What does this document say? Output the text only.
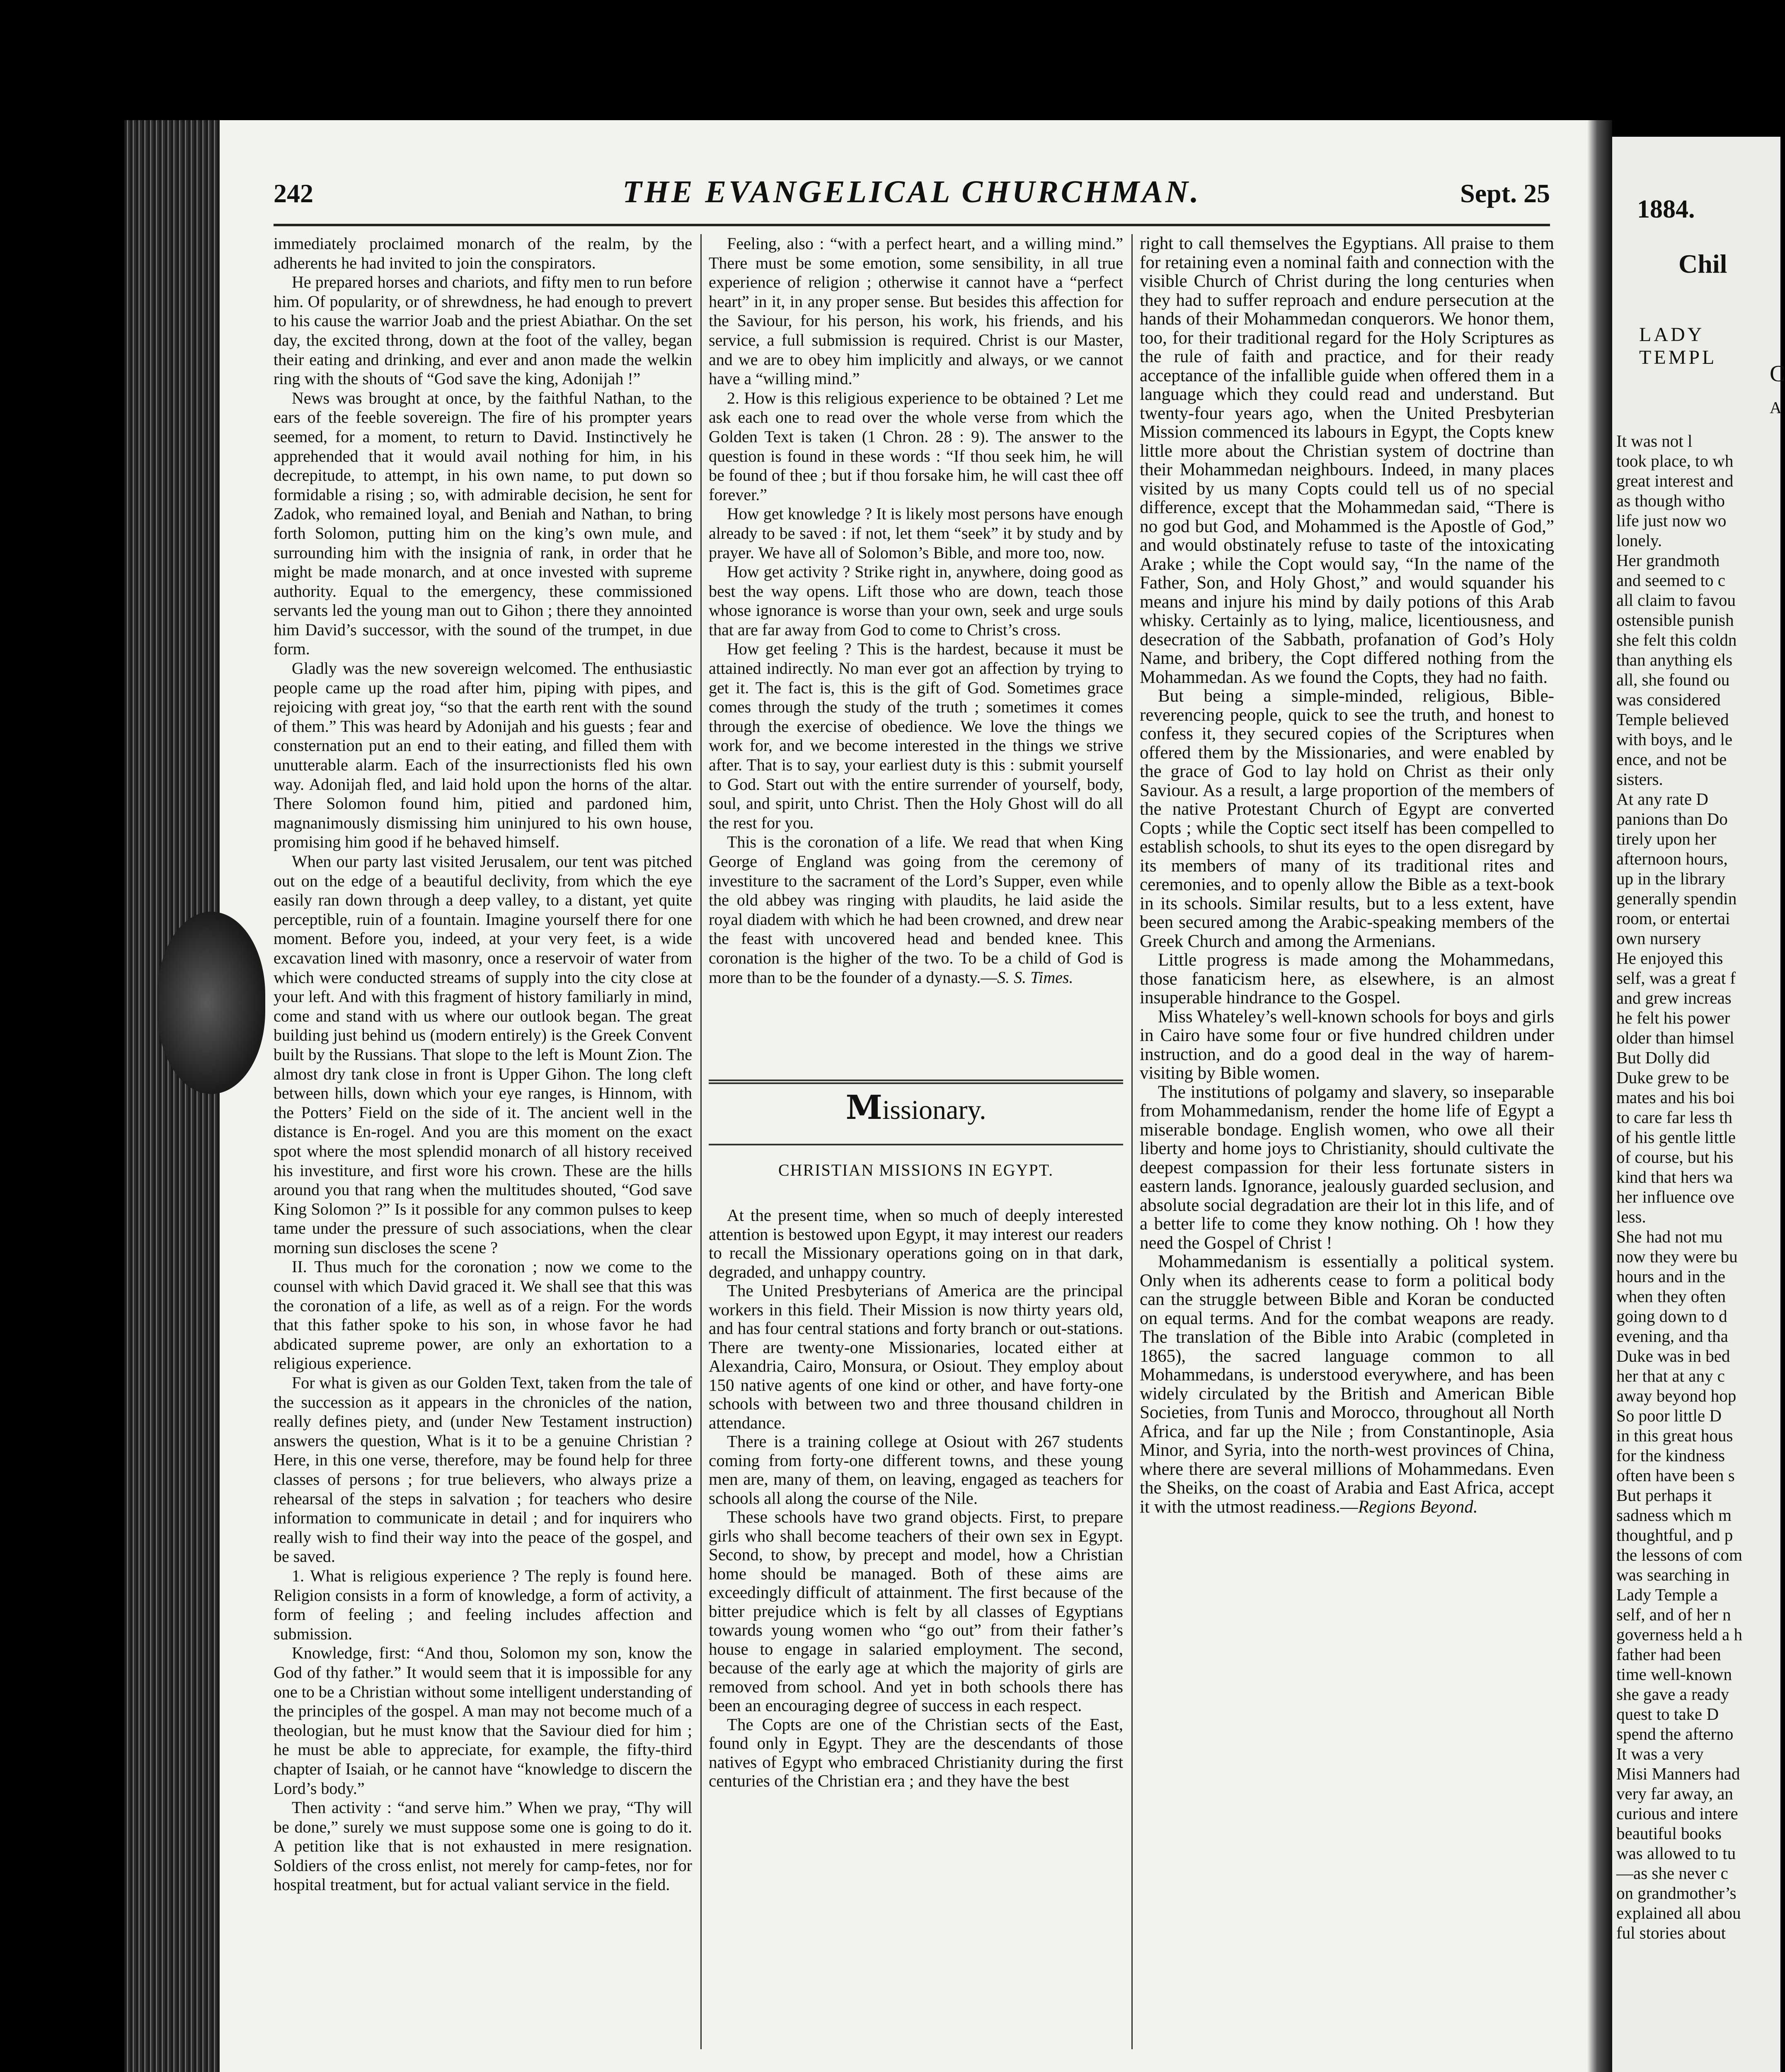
242	THE EVANGELICAL CHURCHMAN.	Sept. 25

immediately proclaimed monarch of the realm, by the adherents he had invited to join the conspirators.

He prepared horses and chariots, and fifty men to run before him. Of popularity, or of shrewdness, he had enough to prevert to his cause the warrior Joab and the priest Abiathar. On the set day, the excited throng, down at the foot of the valley, began their eating and drinking, and ever and anon made the welkin ring with the shouts of “God save the king, Adonijah !”

News was brought at once, by the faithful Nathan, to the ears of the feeble sovereign. The fire of his prompter years seemed, for a moment, to return to David. Instinctively he apprehended that it would avail nothing for him, in his decrepitude, to attempt, in his own name, to put down so formidable a rising ; so, with admirable decision, he sent for Zadok, who remained loyal, and Beniah and Nathan, to bring forth Solomon, putting him on the king’s own mule, and surrounding him with the insignia of rank, in order that he might be made monarch, and at once invested with supreme authority. Equal to the emergency, these commissioned servants led the young man out to Gihon ; there they annointed him David’s successor, with the sound of the trumpet, in due form.

Gladly was the new sovereign welcomed. The enthusiastic people came up the road after him, piping with pipes, and rejoicing with great joy, “so that the earth rent with the sound of them.” This was heard by Adonijah and his guests ; fear and consternation put an end to their eating, and filled them with unutterable alarm. Each of the insurrectionists fled his own way. Adonijah fled, and laid hold upon the horns of the altar. There Solomon found him, pitied and pardoned him, magnanimously dismissing him uninjured to his own house, promising him good if he behaved himself.

When our party last visited Jerusalem, our tent was pitched out on the edge of a beautiful declivity, from which the eye easily ran down through a deep valley, to a distant, yet quite perceptible, ruin of a fountain. Imagine yourself there for one moment. Before you, indeed, at your very feet, is a wide excavation lined with masonry, once a reservoir of water from which were conducted streams of supply into the city close at your left. And with this fragment of history familiarly in mind, come and stand with us where our outlook began. The great building just behind us (modern entirely) is the Greek Convent built by the Russians. That slope to the left is Mount Zion. The almost dry tank close in front is Upper Gihon. The long cleft between hills, down which your eye ranges, is Hinnom, with the Potters’ Field on the side of it. The ancient well in the distance is En-rogel. And you are this moment on the exact spot where the most splendid monarch of all history received his investiture, and first wore his crown. These are the hills around you that rang when the multitudes shouted, “God save King Solomon ?” Is it possible for any common pulses to keep tame under the pressure of such associations, when the clear morning sun discloses the scene ?

II. Thus much for the coronation ; now we come to the counsel with which David graced it. We shall see that this was the coronation of a life, as well as of a reign. For the words that this father spoke to his son, in whose favor he had abdicated supreme power, are only an exhortation to a religious experience.

For what is given as our Golden Text, taken from the tale of the succession as it appears in the chronicles of the nation, really defines piety, and (under New Testament instruction) answers the question, What is it to be a genuine Christian ? Here, in this one verse, therefore, may be found help for three classes of persons ; for true believers, who always prize a rehearsal of the steps in salvation ; for teachers who desire information to communicate in detail ; and for inquirers who really wish to find their way into the peace of the gospel, and be saved.

1. What is religious experience ? The reply is found here. Religion consists in a form of knowledge, a form of activity, a form of feeling ; and feeling includes affection and submission.

Knowledge, first: “And thou, Solomon my son, know the God of thy father.” It would seem that it is impossible for any one to be a Christian without some intelligent understanding of the principles of the gospel. A man may not become much of a theologian, but he must know that the Saviour died for him ; he must be able to appreciate, for example, the fifty-third chapter of Isaiah, or he cannot have “knowledge to discern the Lord’s body.”

Then activity : “and serve him.” When we pray, “Thy will be done,” surely we must suppose some one is going to do it. A petition like that is not exhausted in mere resignation. Soldiers of the cross enlist, not merely for camp-fetes, nor for hospital treatment, but for actual valiant service in the field.

Feeling, also : “with a perfect heart, and a willing mind.” There must be some emotion, some sensibility, in all true experience of religion ; otherwise it cannot have a “perfect heart” in it, in any proper sense. But besides this affection for the Saviour, for his person, his work, his friends, and his service, a full submission is required. Christ is our Master, and we are to obey him implicitly and always, or we cannot have a “willing mind.”

2. How is this religious experience to be obtained ? Let me ask each one to read over the whole verse from which the Golden Text is taken (1 Chron. 28 : 9). The answer to the question is found in these words : “If thou seek him, he will be found of thee ; but if thou forsake him, he will cast thee off forever.”

How get knowledge ? It is likely most persons have enough already to be saved : if not, let them “seek” it by study and by prayer. We have all of Solomon’s Bible, and more too, now.

How get activity ? Strike right in, anywhere, doing good as best the way opens. Lift those who are down, teach those whose ignorance is worse than your own, seek and urge souls that are far away from God to come to Christ’s cross.

How get feeling ? This is the hardest, because it must be attained indirectly. No man ever got an affection by trying to get it. The fact is, this is the gift of God. Sometimes grace comes through the study of the truth ; sometimes it comes through the exercise of obedience. We love the things we work for, and we become interested in the things we strive after. That is to say, your earliest duty is this : submit yourself to God. Start out with the entire surrender of yourself, body, soul, and spirit, unto Christ. Then the Holy Ghost will do all the rest for you.

This is the coronation of a life. We read that when King George of England was going from the ceremony of investiture to the sacrament of the Lord’s Supper, even while the old abbey was ringing with plaudits, he laid aside the royal diadem with which he had been crowned, and drew near the feast with uncovered head and bended knee. This coronation is the higher of the two. To be a child of God is more than to be the founder of a dynasty.—S. S. Times.

Missionary.
CHRISTIAN MISSIONS IN EGYPT.

At the present time, when so much of deeply interested attention is bestowed upon Egypt, it may interest our readers to recall the Missionary operations going on in that dark, degraded, and unhappy country.

The United Presbyterians of America are the principal workers in this field. Their Mission is now thirty years old, and has four central stations and forty branch or out-stations. There are twenty-one Missionaries, located either at Alexandria, Cairo, Monsura, or Osiout. They employ about 150 native agents of one kind or other, and have forty-one schools with between two and three thousand children in attendance.

There is a training college at Osiout with 267 students coming from forty-one different towns, and these young men are, many of them, on leaving, engaged as teachers for schools all along the course of the Nile.

These schools have two grand objects. First, to prepare girls who shall become teachers of their own sex in Egypt. Second, to show, by precept and model, how a Christian home should be managed. Both of these aims are exceedingly difficult of attainment. The first because of the bitter prejudice which is felt by all classes of Egyptians towards young women who “go out” from their father’s house to engage in salaried employment. The second, because of the early age at which the majority of girls are removed from school. And yet in both schools there has been an encouraging degree of success in each respect.

The Copts are one of the Christian sects of the East, found only in Egypt. They are the descendants of those natives of Egypt who embraced Christianity during the first centuries of the Christian era ; and they have the best

right to call themselves the Egyptians. All praise to them for retaining even a nominal faith and connection with the visible Church of Christ during the long centuries when they had to suffer reproach and endure persecution at the hands of their Mohammedan conquerors. We honor them, too, for their traditional regard for the Holy Scriptures as the rule of faith and practice, and for their ready acceptance of the infallible guide when offered them in a language which they could read and understand. But twenty-four years ago, when the United Presbyterian Mission commenced its labours in Egypt, the Copts knew little more about the Christian system of doctrine than their Mohammedan neighbours. Indeed, in many places visited by us many Copts could tell us of no special difference, except that the Mohammedan said, “There is no god but God, and Mohammed is the Apostle of God,” and would obstinately refuse to taste of the intoxicating Arake ; while the Copt would say, “In the name of the Father, Son, and Holy Ghost,” and would squander his means and injure his mind by daily potions of this Arab whisky. Certainly as to lying, malice, licentiousness, and desecration of the Sabbath, profanation of God’s Holy Name, and bribery, the Copt differed nothing from the Mohammedan. As we found the Copts, they had no faith.

But being a simple-minded, religious, Bible-reverencing people, quick to see the truth, and honest to confess it, they secured copies of the Scriptures when offered them by the Missionaries, and were enabled by the grace of God to lay hold on Christ as their only Saviour. As a result, a large proportion of the members of the native Protestant Church of Egypt are converted Copts ; while the Coptic sect itself has been compelled to establish schools, to shut its eyes to the open disregard by its members of many of its traditional rites and ceremonies, and to openly allow the Bible as a text-book in its schools. Similar results, but to a less extent, have been secured among the Arabic-speaking members of the Greek Church and among the Armenians.

Little progress is made among the Mohammedans, those fanaticism here, as elsewhere, is an almost insuperable hindrance to the Gospel.

Miss Whateley’s well-known schools for boys and girls in Cairo have some four or five hundred children under instruction, and do a good deal in the way of harem-visiting by Bible women.

The institutions of polgamy and slavery, so inseparable from Mohammedanism, render the home life of Egypt a miserable bondage. English women, who owe all their liberty and home joys to Christianity, should cultivate the deepest compassion for their less fortunate sisters in eastern lands. Ignorance, jealously guarded seclusion, and absolute social degradation are their lot in this life, and of a better life to come they know nothing. Oh ! how they need the Gospel of Christ !

Mohammedanism is essentially a political system. Only when its adherents cease to form a political body can the struggle between Bible and Koran be conducted on equal terms. And for the combat weapons are ready. The translation of the Bible into Arabic (completed in 1865), the sacred language common to all Mohammedans, is understood everywhere, and has been widely circulated by the British and American Bible Societies, from Tunis and Morocco, throughout all North Africa, and far up the Nile ; from Constantinople, Asia Minor, and Syria, into the north-west provinces of China, where there are several millions of Mohammedans. Even the Sheiks, on the coast of Arabia and East Africa, accept it with the utmost readiness.—Regions Beyond.

1884.
Chil
LADY TEMPL
C
A
It was not l
took place, to wh
great interest and
as though witho
life just now wo
lonely.
Her grandmoth
and seemed to c
all claim to favou
ostensible punish
she felt this coldn
than anything els
all, she found ou
was considered
Temple believed
with boys, and le
ence, and not be
sisters.
At any rate D
panions than Do
tirely upon her
afternoon hours,
up in the library
generally spendin
room, or entertai
own nursery
He enjoyed this
self, was a great f
and grew increas
he felt his power
older than himsel
But Dolly did
Duke grew to be
mates and his boi
to care far less th
of his gentle little
of course, but his
kind that hers wa
her influence ove
less.
She had not mu
now they were bu
hours and in the
when they often
going down to d
evening, and tha
Duke was in bed
her that at any c
away beyond hop
So poor little D
in this great hous
for the kindness
often have been s
But perhaps it
sadness which m
thoughtful, and p
the lessons of com
was searching in
Lady Temple a
self, and of her n
governess held a h
father had been
time well-known
she gave a ready
quest to take D
spend the afterno
It was a very
Misi Manners had
very far away, an
curious and intere
beautiful books
was allowed to tu
—as she never c
on grandmother’s
explained all abou
ful stories about
